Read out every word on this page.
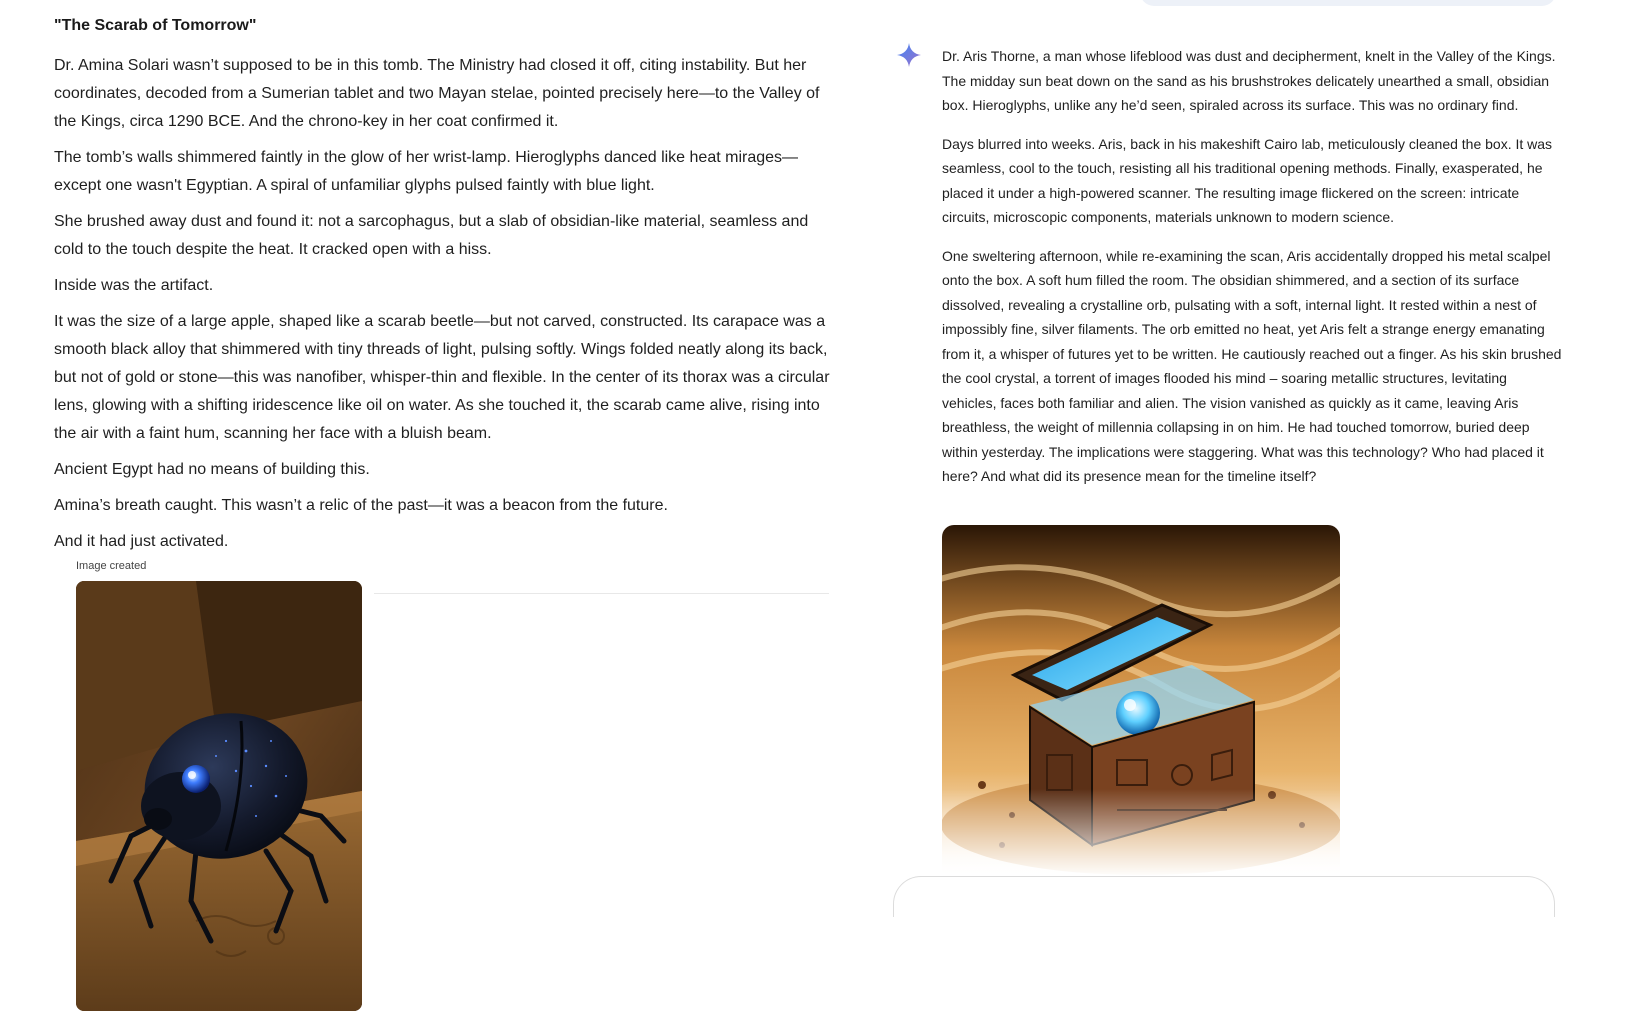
"The Scarab of Tomorrow"

Dr. Amina Solari wasn’t supposed to be in this tomb. The Ministry had closed it off, citing instability. But her coordinates, decoded from a Sumerian tablet and two Mayan stelae, pointed precisely here—to the Valley of the Kings, circa 1290 BCE. And the chrono-key in her coat confirmed it.

The tomb’s walls shimmered faintly in the glow of her wrist-lamp. Hieroglyphs danced like heat mirages—except one wasn't Egyptian. A spiral of unfamiliar glyphs pulsed faintly with blue light.

She brushed away dust and found it: not a sarcophagus, but a slab of obsidian-like material, seamless and cold to the touch despite the heat. It cracked open with a hiss.

Inside was the artifact.

It was the size of a large apple, shaped like a scarab beetle—but not carved, constructed. Its carapace was a smooth black alloy that shimmered with tiny threads of light, pulsing softly. Wings folded neatly along its back, but not of gold or stone—this was nanofiber, whisper-thin and flexible. In the center of its thorax was a circular lens, glowing with a shifting iridescence like oil on water. As she touched it, the scarab came alive, rising into the air with a faint hum, scanning her face with a bluish beam.

Ancient Egypt had no means of building this.

Amina’s breath caught. This wasn’t a relic of the past—it was a beacon from the future.

And it had just activated.

Image created

Dr. Aris Thorne, a man whose lifeblood was dust and decipherment, knelt in the Valley of the Kings. The midday sun beat down on the sand as his brushstrokes delicately unearthed a small, obsidian box. Hieroglyphs, unlike any he’d seen, spiraled across its surface. This was no ordinary find.

Days blurred into weeks. Aris, back in his makeshift Cairo lab, meticulously cleaned the box. It was seamless, cool to the touch, resisting all his traditional opening methods. Finally, exasperated, he placed it under a high-powered scanner. The resulting image flickered on the screen: intricate circuits, microscopic components, materials unknown to modern science.

One sweltering afternoon, while re-examining the scan, Aris accidentally dropped his metal scalpel onto the box. A soft hum filled the room. The obsidian shimmered, and a section of its surface dissolved, revealing a crystalline orb, pulsating with a soft, internal light. It rested within a nest of impossibly fine, silver filaments. The orb emitted no heat, yet Aris felt a strange energy emanating from it, a whisper of futures yet to be written. He cautiously reached out a finger. As his skin brushed the cool crystal, a torrent of images flooded his mind – soaring metallic structures, levitating vehicles, faces both familiar and alien. The vision vanished as quickly as it came, leaving Aris breathless, the weight of millennia collapsing in on him. He had touched tomorrow, buried deep within yesterday. The implications were staggering. What was this technology? Who had placed it here? And what did its presence mean for the timeline itself?
